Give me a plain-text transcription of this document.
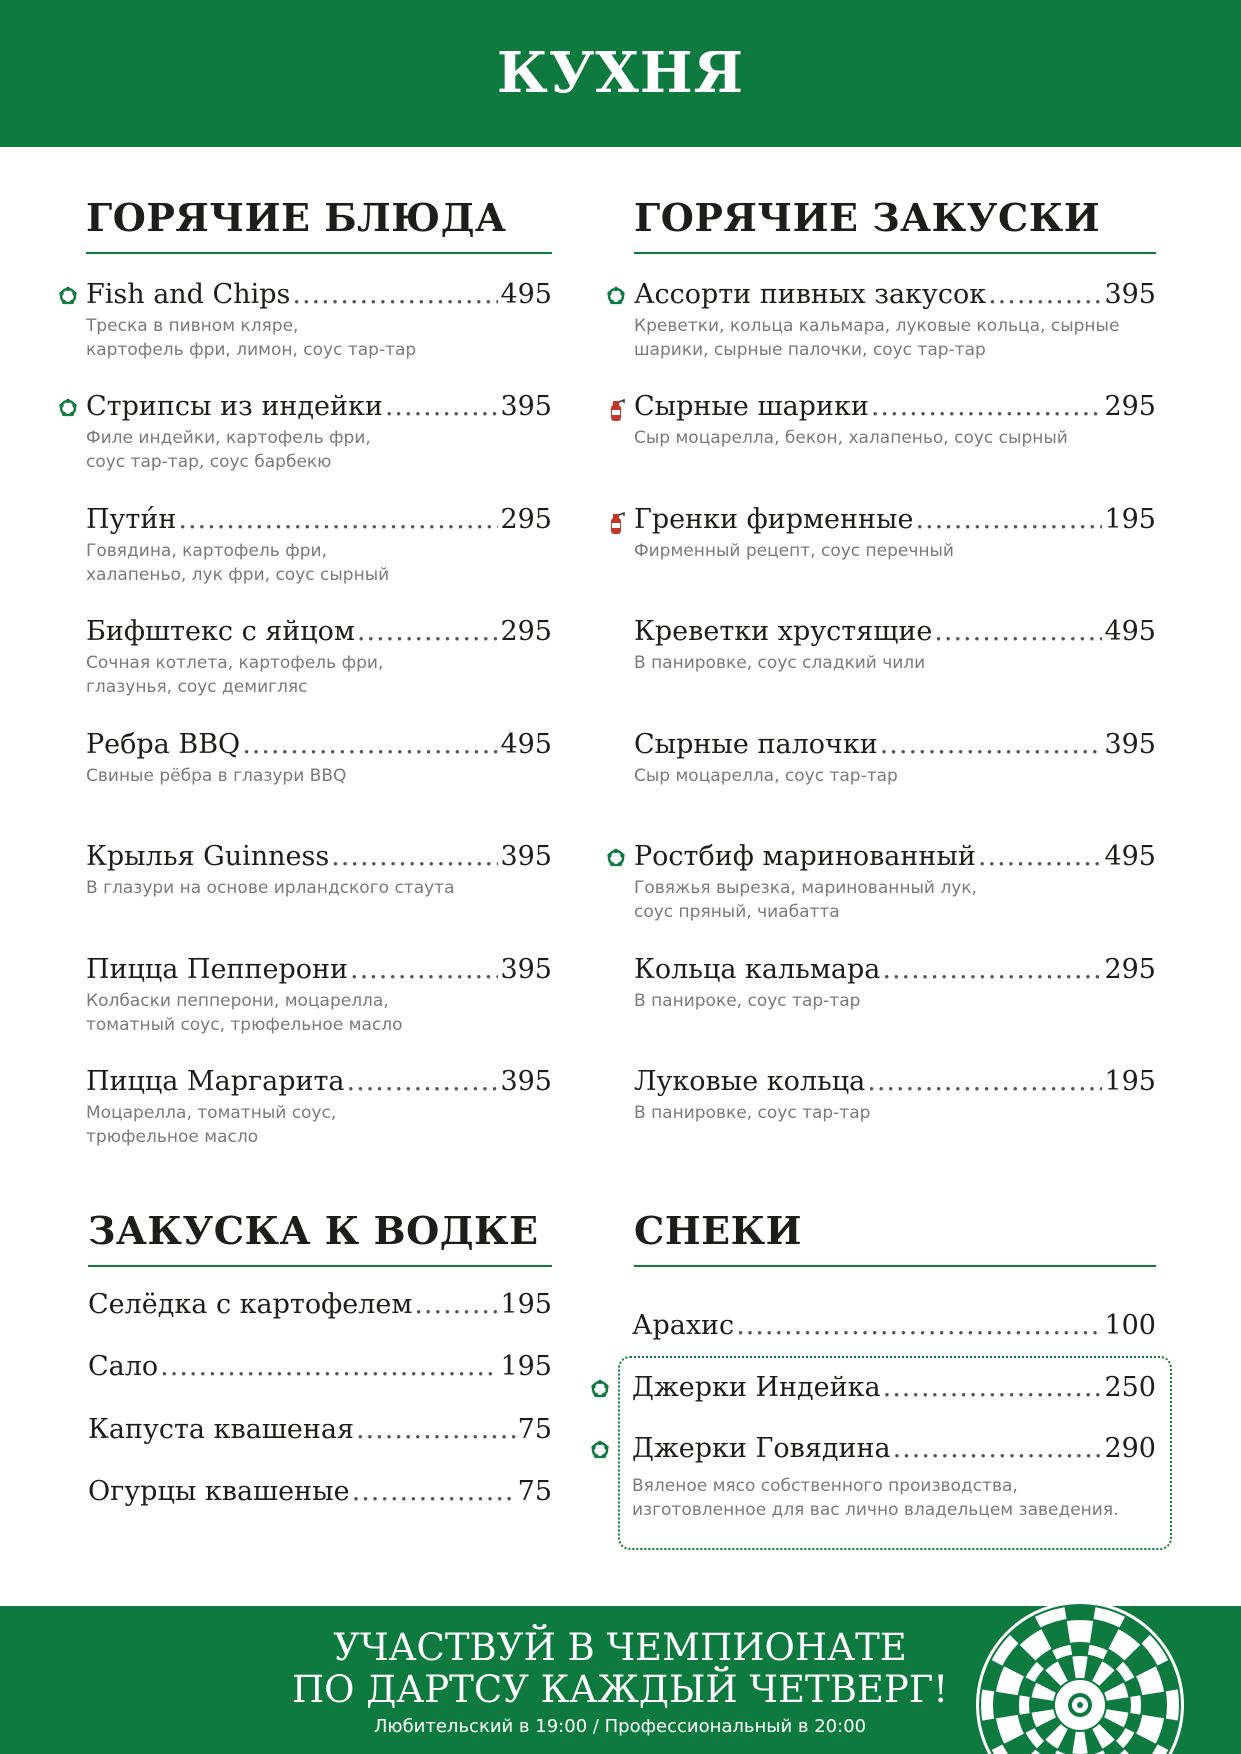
КУХНЯ
ГОРЯЧИЕ БЛЮДА
Fish and Chips .....	495
Треска в пивном кляре,
картофель фри, лимон, соус тар-тар
Стрипсы из индейки .....	395
Филе индейки, картофель фри,
соус тар-тар, соус барбекю
Пути́н .....	295
Говядина, картофель фри,
халапеньо, лук фри, соус сырный
Бифштекс с яйцом .....	295
Сочная котлета, картофель фри,
глазунья, соус демигляс
Ребра BBQ .....	495
Свиные рёбра в глазури BBQ
Крылья Guinness .....	395
В глазури на основе ирландского стаута
Пицца Пепперони .....	395
Колбаски пепперони, моцарелла,
томатный соус, трюфельное масло
Пицца Маргарита .....	395
Моцарелла, томатный соус,
трюфельное масло
ГОРЯЧИЕ ЗАКУСКИ
Ассорти пивных закусок .....	395
Креветки, кольца кальмара, луковые кольца, сырные
шарики, сырные палочки, соус тар-тар
Сырные шарики .....	295
Сыр моцарелла, бекон, халапеньо, соус сырный
Гренки фирменные .....	195
Фирменный рецепт, соус перечный
Креветки хрустящие .....	495
В панировке, соус сладкий чили
Сырные палочки .....	395
Сыр моцарелла, соус тар-тар
Ростбиф маринованный .....	495
Говяжья вырезка, маринованный лук,
соус пряный, чиабатта
Кольца кальмара .....	295
В панироке, соус тар-тар
Луковые кольца .....	195
В панировке, соус тар-тар
ЗАКУСКА К ВОДКЕ
Селёдка с картофелем .....	195
Сало .....	195
Капуста квашеная .....	75
Огурцы квашеные .....	75
СНЕКИ
Арахис .....	100
Джерки Индейка .....	250
Джерки Говядина .....	290
Вяленое мясо собственного производства,
изготовленное для вас лично владельцем заведения.

УЧАСТВУЙ В ЧЕМПИОНАТЕ

ПО ДАРТСУ КАЖДЫЙ ЧЕТВЕРГ!

Любительский в 19:00 / Профессиональный в 20:00
